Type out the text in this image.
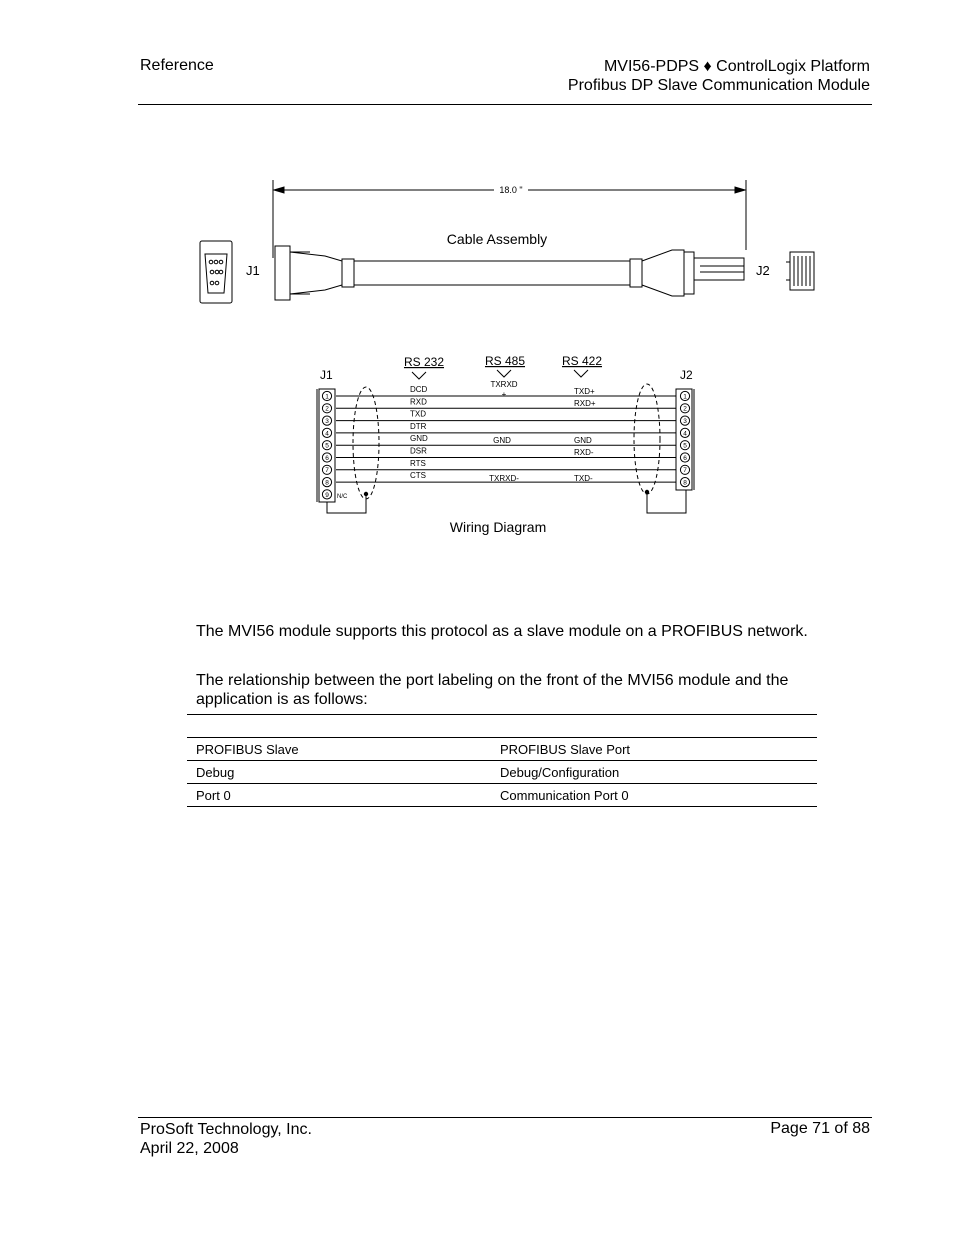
Reference	MVI56-PDPS ♦ ControlLogix Platform
Profibus DP Slave Communication Module
18.0 "
Cable Assembly
J1	J2
RS 232	RS 485	RS 422
J1	J2
1
2
3
4
5
6
7
8
9
1
2
3
4
5
6
7
8
N/C
DCD
RXD
TXD
DTR
GND
DSR
RTS
CTS
TXRXD
+
GND
TXRXD-
TXD+
RXD+
GND
RXD-
TXD-
Wiring Diagram
The MVI56 module supports this protocol as a slave module on a PROFIBUS network.
The relationship between the port labeling on the front of the MVI56 module and the application is as follows:
PROFIBUS Slave	PROFIBUS Slave Port
Debug	Debug/Configuration
Port 0	Communication Port 0
ProSoft Technology, Inc.
April 22, 2008
Page 71 of 88
